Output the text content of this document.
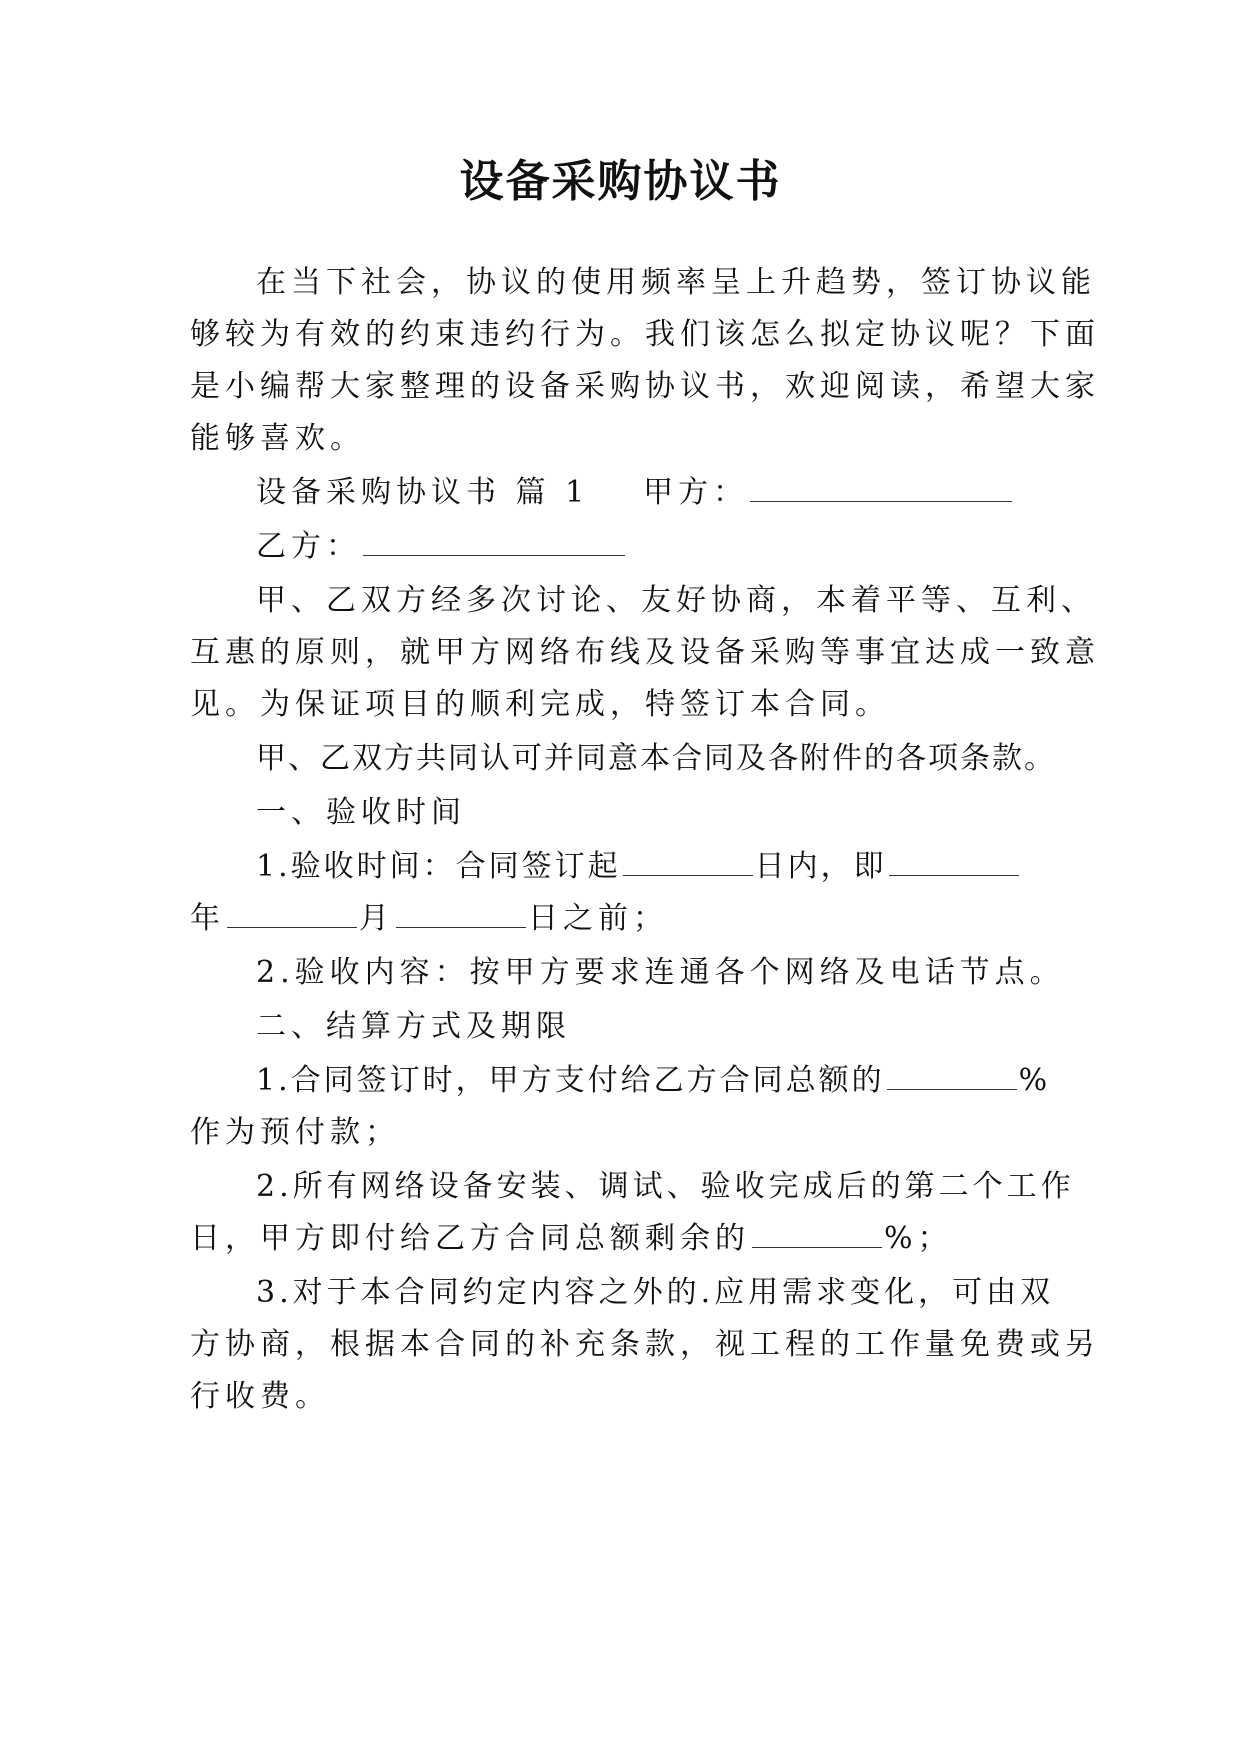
设备采购协议书
在当下社会，协议的使用频率呈上升趋势，签订协议能
够较为有效的约束违约行为。我们该怎么拟定协议呢？下面
是小编帮大家整理的设备采购协议书，欢迎阅读，希望大家
能够喜欢。
设备采购协议书 篇 1 甲方：
乙方：
甲、乙双方经多次讨论、友好协商，本着平等、互利、
互惠的原则，就甲方网络布线及设备采购等事宜达成一致意
见。为保证项目的顺利完成，特签订本合同。
甲、乙双方共同认可并同意本合同及各附件的各项条款。
一、验收时间
1.验收时间：合同签订起	日内，即
年	月	日之前；
2.验收内容：按甲方要求连通各个网络及电话节点。
二、结算方式及期限
1.合同签订时，甲方支付给乙方合同总额的	%
作为预付款；
2.所有网络设备安装、调试、验收完成后的第二个工作
日，甲方即付给乙方合同总额剩余的	%；
3.对于本合同约定内容之外的.应用需求变化，可由双
方协商，根据本合同的补充条款，视工程的工作量免费或另
行收费。
